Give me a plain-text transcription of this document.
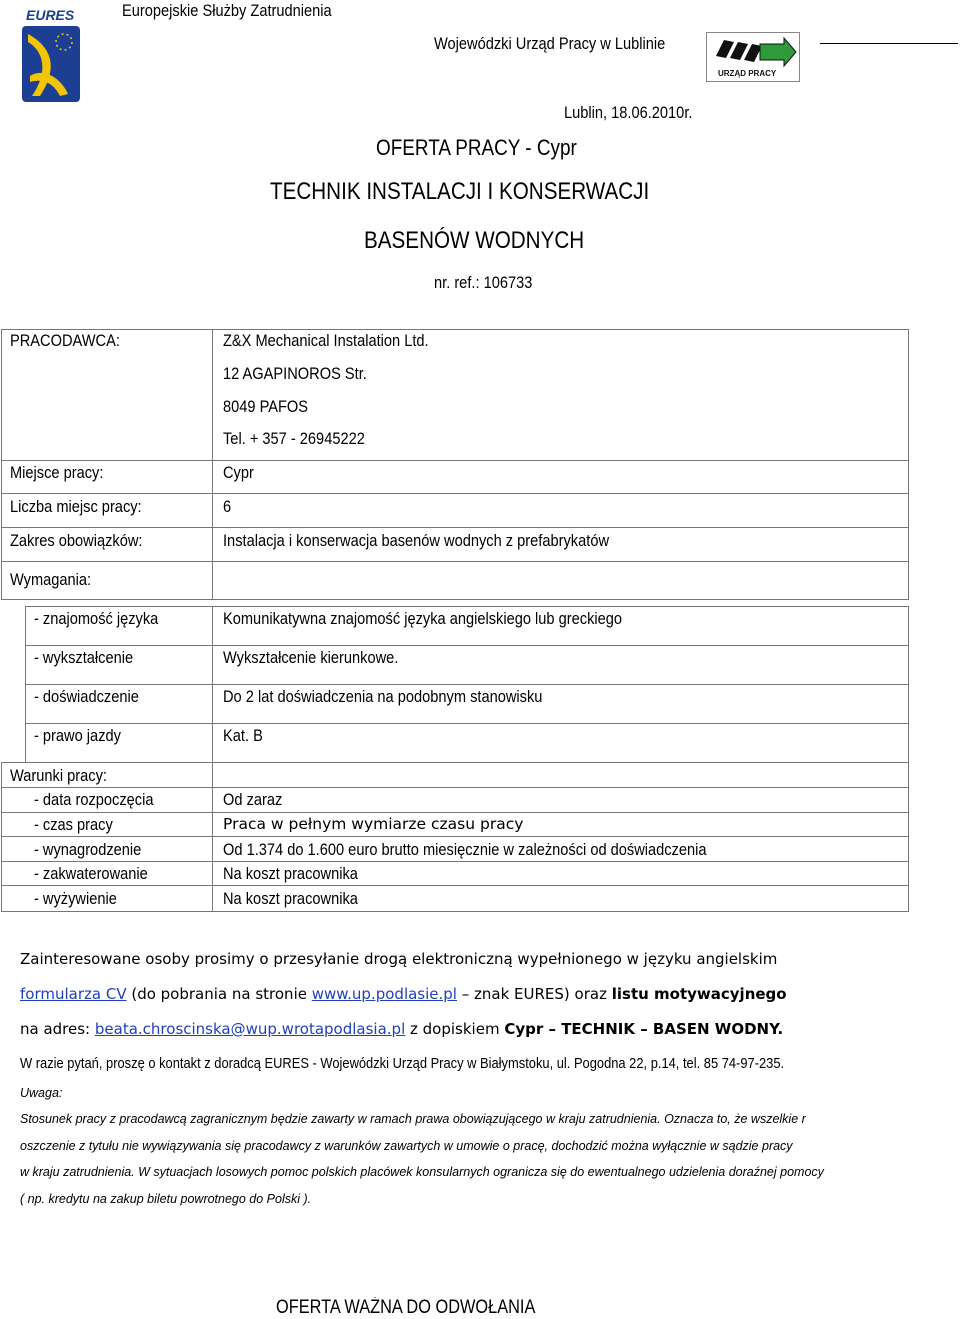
EURES	Europejskie Służby Zatrudnienia
Wojewódzki Urząd Pracy w Lublinie
URZĄD PRACY
Lublin, 18.06.2010r.
OFERTA PRACY - Cypr
TECHNIK INSTALACJI I KONSERWACJI
BASENÓW WODNYCH
nr. ref.: 106733

PRACODAWCA:	Z&X Mechanical Instalation Ltd.
12 AGAPINOROS Str.
8049 PAFOS
Tel. + 357 - 26945222
Miejsce pracy:	Cypr
Liczba miejsc pracy:	6
Zakres obowiązków:	Instalacja i konserwacja basenów wodnych z prefabrykatów
Wymagania:
- znajomość języka	Komunikatywna znajomość języka angielskiego lub greckiego
- wykształcenie	Wykształcenie kierunkowe.
- doświadczenie	Do 2 lat doświadczenia na podobnym stanowisku
- prawo jazdy	Kat. B
Warunki pracy:
- data rozpoczęcia	Od zaraz
- czas pracy	Praca w pełnym wymiarze czasu pracy
- wynagrodzenie	Od 1.374 do 1.600 euro brutto miesięcznie w zależności od doświadczenia
- zakwaterowanie	Na koszt pracownika
- wyżywienie	Na koszt pracownika
Zainteresowane osoby prosimy o przesyłanie drogą elektroniczną wypełnionego w języku angielskim
formularza CV (do pobrania na stronie www.up.podlasie.pl – znak EURES) oraz listu motywacyjnego
na adres: beata.chroscinska@wup.wrotapodlasia.pl z dopiskiem Cypr – TECHNIK – BASEN WODNY.
W razie pytań, proszę o kontakt z doradcą EURES - Wojewódzki Urząd Pracy w Białymstoku, ul. Pogodna 22, p.14, tel. 85 74-97-235.
Uwaga:
Stosunek pracy z pracodawcą zagranicznym będzie zawarty w ramach prawa obowiązującego w kraju zatrudnienia. Oznacza to, że wszelkie r
oszczenie z tytułu nie wywiązywania się pracodawcy z warunków zawartych w umowie o pracę, dochodzić można wyłącznie w sądzie pracy
w kraju zatrudnienia. W sytuacjach losowych pomoc polskich placówek konsularnych ogranicza się do ewentualnego udzielenia doraźnej pomocy
( np. kredytu na zakup biletu powrotnego do Polski ).
OFERTA WAŻNA DO ODWOŁANIA
